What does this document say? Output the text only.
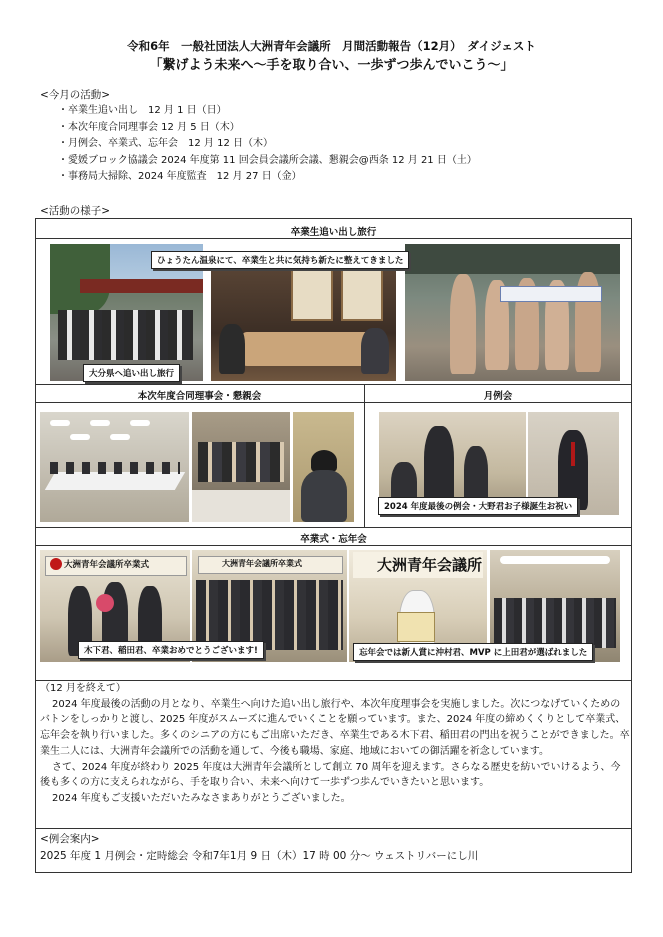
令和6年　一般社団法人大洲青年会議所　月間活動報告（12月）　ダイジェスト
「繋げよう未来へ～手を取り合い、一歩ずつ歩んでいこう～」
<今月の活動>
・ 卒業生追い出し　12 月 1 日（日）
・ 本次年度合同理事会 12 月 5 日（木）
・ 月例会、卒業式、忘年会　12 月 12 日（木）
・ 愛媛ブロック協議会 2024 年度第 11 回会員会議所会議、懇親会@西条 12 月 21 日（土）
・ 事務局大掃除、2024 年度監査　12 月 27 日（金）
<活動の様子>
卒業生追い出し旅行
本次年度合同理事会・懇親会	月例会
卒業式・忘年会
ひょうたん温泉にて、卒業生と共に気持ち新たに整えてきました
大分県へ追い出し旅行
2024 年度最後の例会・大野君お子様誕生お祝い
大洲青年会議所卒業式	大洲青年会議所卒業式	大洲青年会議所
木下君、稲田君、卒業おめでとうございます!	忘年会では新人賞に沖村君、MVP に上田君が選ばれました

（12 月を終えて）

2024 年度最後の活動の月となり、卒業生へ向けた追い出し旅行や、本次年度理事会を実施しました。次につなげていくためのバトンをしっかりと渡し、2025 年度がスムーズに進んでいくことを願っています。また、2024 年度の締めくくりとして卒業式、忘年会を執り行いました。多くのシニアの方にもご出席いただき、卒業生である木下君、稲田君の門出を祝うことができました。卒業生二人には、大洲青年会議所での活動を通して、今後も職場、家庭、地域においての御活躍を祈念しています。

さて、2024 年度が終わり 2025 年度は大洲青年会議所として創立 70 周年を迎えます。さらなる歴史を紡いでいけるよう、今後も多くの方に支えられながら、手を取り合い、未来へ向けて一歩ずつ歩んでいきたいと思います。

2024 年度もご支援いただいたみなさまありがとうございました。

<例会案内>
2025 年度 1 月例会・定時総会 令和7年1月 9 日（木）17 時 00 分～ ウェストリバーにし川
